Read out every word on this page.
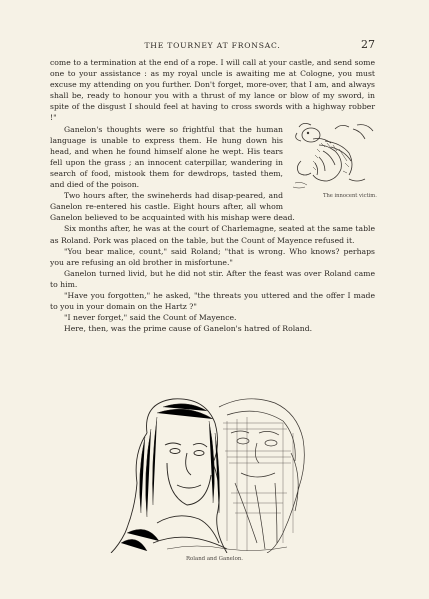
THE TOURNEY AT FRONSAC.	27

come to a termination at the end of a rope. I will call at your castle, and send some one to your assistance : as my royal uncle is awaiting me at Cologne, you must excuse my attending on you further. Don't forget, more-over, that I am, and always shall be, ready to honour you with a thrust of my lance or blow of my sword, in spite of the disgust I should feel at having to cross swords with a highway robber !"

The innocent victim.
Ganelon's thoughts were so frightful that the human language is unable to express them. He hung down his head, and when he found himself alone he wept. His tears fell upon the grass ; an innocent caterpillar, wandering in search of food, mistook them for dewdrops, tasted them, and died of the poison.

Two hours after, the swineherds had disap-peared, and Ganelon re-entered his castle. Eight hours after, all whom Ganelon believed to be acquainted with his mishap were dead.

Six months after, he was at the court of Charlemagne, seated at the same table as Roland. Pork was placed on the table, but the Count of Mayence refused it.

"You bear malice, count," said Roland; "that is wrong. Who knows? perhaps you are refusing an old brother in misfortune."

Ganelon turned livid, but he did not stir. After the feast was over Roland came to him.

"Have you forgotten," he asked, "the threats you uttered and the offer I made to you in your domain on the Hartz ?"

"I never forget," said the Count of Mayence.

Here, then, was the prime cause of Ganelon's hatred of Roland.

Roland and Ganelon.
